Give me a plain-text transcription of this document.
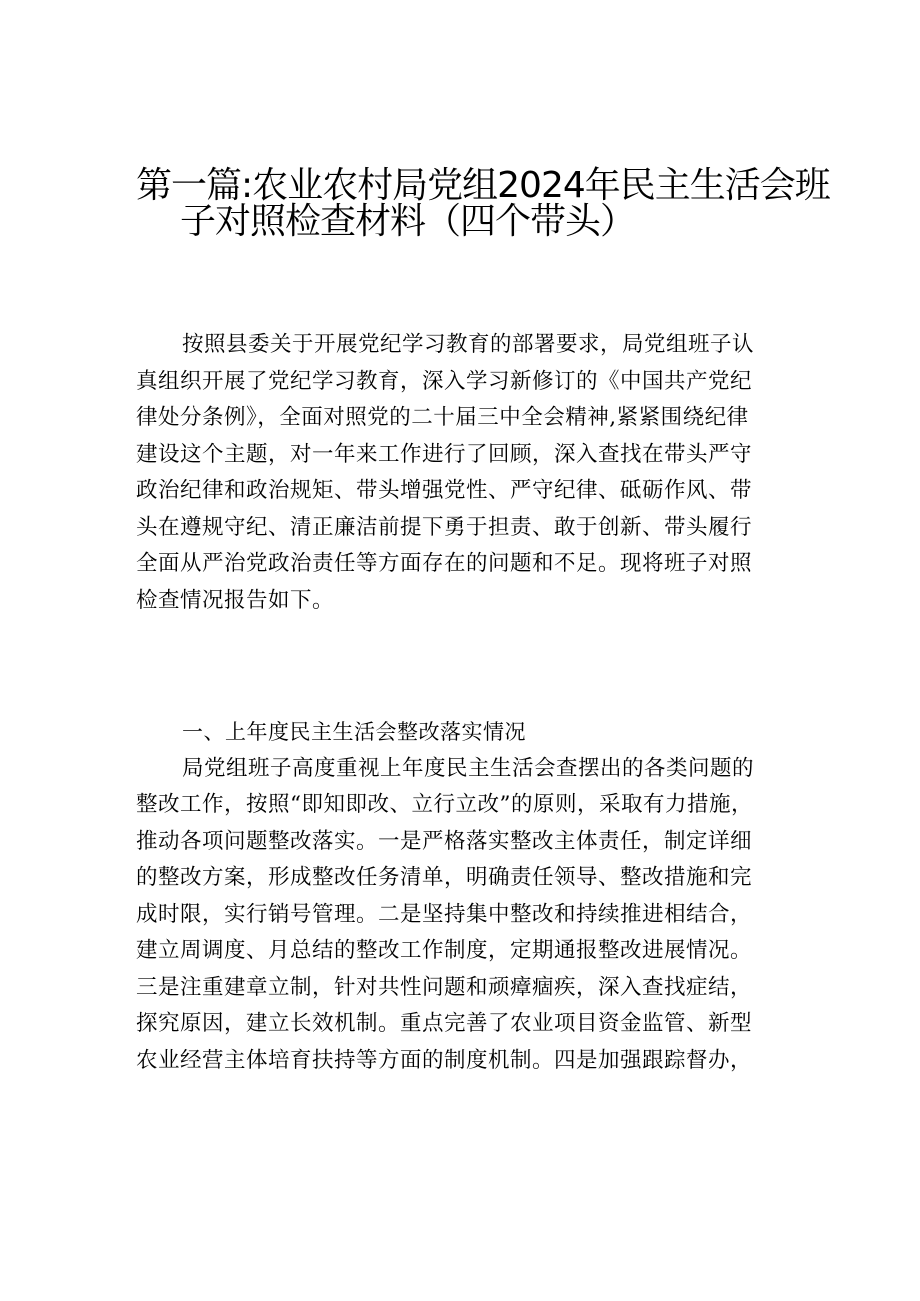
第一篇:农业农村局党组2024年民主生活会班
子对照检查材料（四个带头）
按照县委关于开展党纪学习教育的部署要求，局党组班子认
真组织开展了党纪学习教育，深入学习新修订的《中国共产党纪
律处分条例》，全面对照党的二十届三中全会精神,紧紧围绕纪律
建设这个主题，对一年来工作进行了回顾，深入查找在带头严守
政治纪律和政治规矩、带头增强党性、严守纪律、砥砺作风、带
头在遵规守纪、清正廉洁前提下勇于担责、敢于创新、带头履行
全面从严治党政治责任等方面存在的问题和不足。现将班子对照
检查情况报告如下。
一、上年度民主生活会整改落实情况
局党组班子高度重视上年度民主生活会查摆出的各类问题的
整改工作，按照“即知即改、立行立改”的原则，采取有力措施，
推动各项问题整改落实。一是严格落实整改主体责任，制定详细
的整改方案，形成整改任务清单，明确责任领导、整改措施和完
成时限，实行销号管理。二是坚持集中整改和持续推进相结合，
建立周调度、月总结的整改工作制度，定期通报整改进展情况。
三是注重建章立制，针对共性问题和顽瘴痼疾，深入查找症结，
探究原因，建立长效机制。重点完善了农业项目资金监管、新型
农业经营主体培育扶持等方面的制度机制。四是加强跟踪督办，
